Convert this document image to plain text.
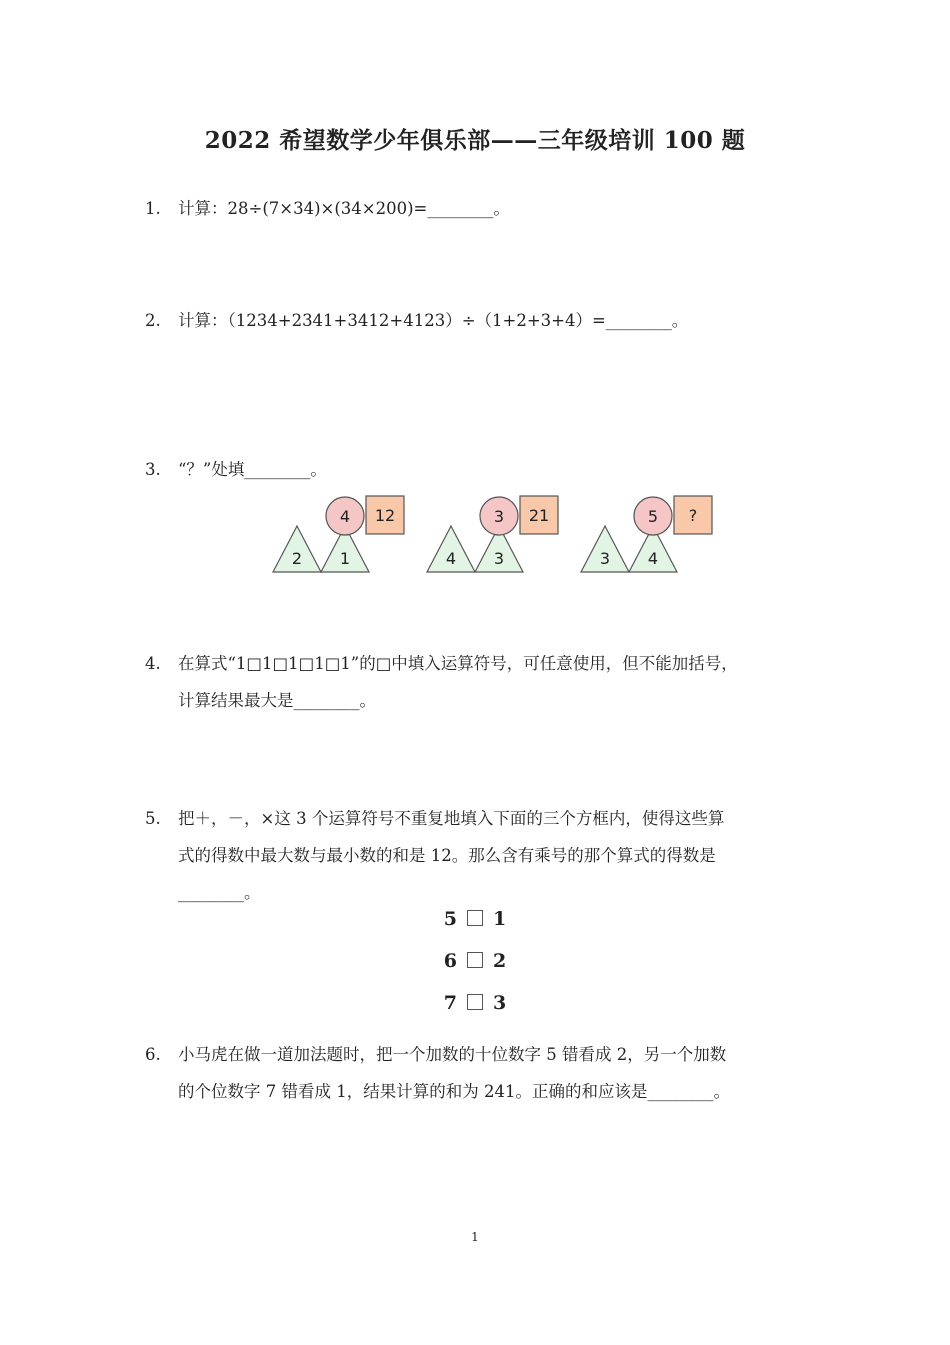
2022 希望数学少年俱乐部——三年级培训 100 题
1.	计算：28÷(7×34)×(34×200)=________。
2.	计算：（1234+2341+3412+4123）÷（1+2+3+4）=________。
3.	“？”处填________。
2 1
4 12
4 3
3 21
3 4
5 ?
4.	在算式“1□1□1□1□1”的□中填入运算符号，可任意使用，但不能加括号，
计算结果最大是________。
5.	把＋，－，×这 3 个运算符号不重复地填入下面的三个方框内，使得这些算
式的得数中最大数与最小数的和是 12。那么含有乘号的那个算式的得数是
________。
5 1
6 2
7 3
6.	小马虎在做一道加法题时，把一个加数的十位数字 5 错看成 2，另一个加数
的个位数字 7 错看成 1，结果计算的和为 241。正确的和应该是________。
1
